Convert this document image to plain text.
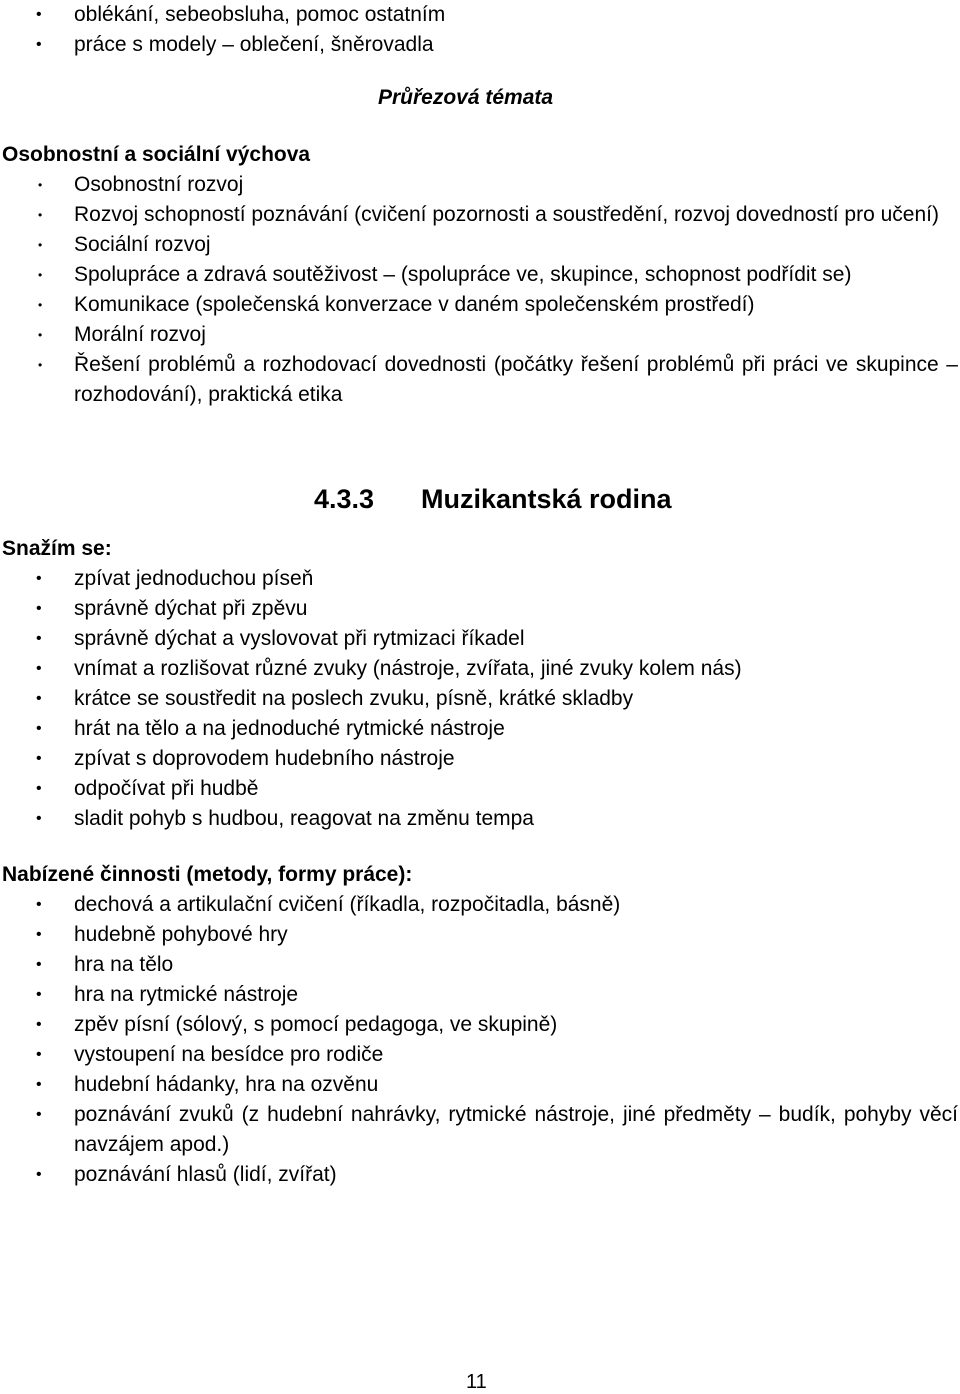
• oblékání, sebeobsluha, pomoc ostatním
• práce s modely – oblečení, šněrovadla
Průřezová témata
Osobnostní a sociální výchova
• Osobnostní rozvoj
• Rozvoj schopností poznávání (cvičení pozornosti a soustředění, rozvoj dovedností pro učení)
• Sociální rozvoj
• Spolupráce a zdravá soutěživost – (spolupráce ve, skupince, schopnost podřídit se)
• Komunikace (společenská konverzace v daném společenském prostředí)
• Morální rozvoj
• Řešení problémů a rozhodovací dovednosti (počátky řešení problémů při práci ve skupince – rozhodování), praktická etika
4.3.3 Muzikantská rodina
Snažím se:
• zpívat jednoduchou píseň
• správně dýchat při zpěvu
• správně dýchat a vyslovovat při rytmizaci říkadel
• vnímat a rozlišovat různé zvuky (nástroje, zvířata, jiné zvuky kolem nás)
• krátce se soustředit na poslech zvuku, písně, krátké skladby
• hrát na tělo a na jednoduché rytmické nástroje
• zpívat s doprovodem hudebního nástroje
• odpočívat při hudbě
• sladit pohyb s hudbou, reagovat na změnu tempa
Nabízené činnosti (metody, formy práce):
• dechová a artikulační cvičení (říkadla, rozpočitadla, básně)
• hudebně pohybové hry
• hra na tělo
• hra na rytmické nástroje
• zpěv písní (sólový, s pomocí pedagoga, ve skupině)
• vystoupení na besídce pro rodiče
• hudební hádanky, hra na ozvěnu
• poznávání zvuků (z hudební nahrávky, rytmické nástroje, jiné předměty – budík, pohyby věcí navzájem apod.)
• poznávání hlasů (lidí, zvířat)
11
